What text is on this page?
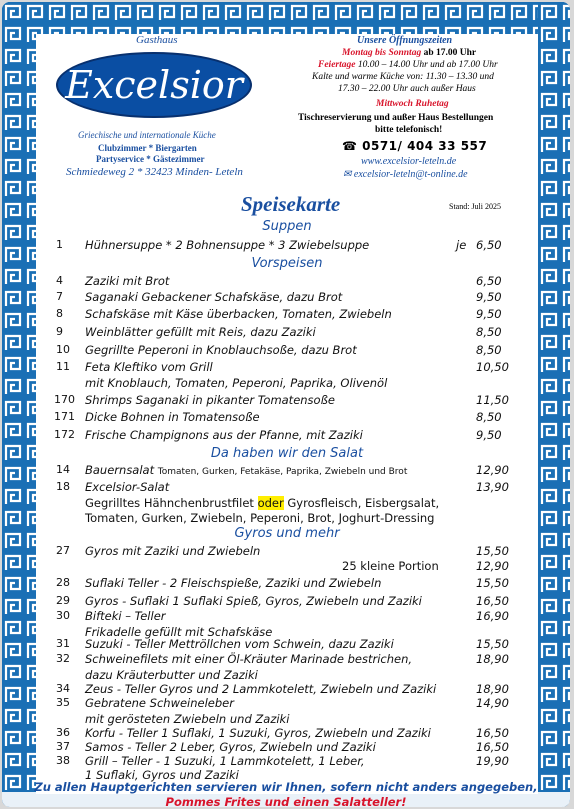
Gasthaus
Excelsior
Griechische und internationale Küche
Clubzimmer * Biergarten
Partyservice * Gästezimmer
Schmiedeweg 2 * 32423 Minden- Leteln
Unsere Öffnungszeiten
Montag bis Sonntag ab 17.00 Uhr
Feiertage 10.00 – 14.00 Uhr und ab 17.00 Uhr
Kalte und warme Küche von: 11.30 – 13.30 und
17.30 – 22.00 Uhr auch außer Haus
Mittwoch Ruhetag
Tischreservierung und außer Haus Bestellungen
bitte telefonisch!
☎ 0571/ 404 33 557
www.excelsior-leteln.de
✉ excelsior-leteln@t-online.de
Speisekarte	Stand: Juli 2025
Suppen
1 Hühnersuppe * 2 Bohnensuppe * 3 Zwiebelsuppe	je 6,50
Vorspeisen
4 Zaziki mit Brot	6,50
7 Saganaki Gebackener Schafskäse, dazu Brot	9,50
8 Schafskäse mit Käse überbacken, Tomaten, Zwiebeln	9,50
9 Weinblätter gefüllt mit Reis, dazu Zaziki	8,50
10 Gegrillte Peperoni in Knoblauchsoße, dazu Brot	8,50
11 Feta Kleftiko vom Grill	10,50
mit Knoblauch, Tomaten, Peperoni, Paprika, Olivenöl
170 Shrimps Saganaki in pikanter Tomatensoße	11,50
171 Dicke Bohnen in Tomatensoße	8,50
172 Frische Champignons aus der Pfanne, mit Zaziki	9,50
Da haben wir den Salat
14 Bauernsalat Tomaten, Gurken, Fetakäse, Paprika, Zwiebeln und Brot	12,90
18 Excelsior-Salat	13,90
Gegrilltes Hähnchenbrustfilet oder Gyrosfleisch, Eisbergsalat,
Tomaten, Gurken, Zwiebeln, Peperoni, Brot, Joghurt-Dressing
Gyros und mehr
27 Gyros mit Zaziki und Zwiebeln	15,50
25 kleine Portion	12,90
28 Suflaki Teller - 2 Fleischspieße, Zaziki und Zwiebeln	15,50
29 Gyros - Suflaki 1 Suflaki Spieß, Gyros, Zwiebeln und Zaziki	16,50
30 Bifteki – Teller	16,90
Frikadelle gefüllt mit Schafskäse
31 Suzuki - Teller Mettröllchen vom Schwein, dazu Zaziki	15,50
32 Schweinefilets mit einer Öl-Kräuter Marinade bestrichen,	18,90
dazu Kräuterbutter und Zaziki
34 Zeus - Teller Gyros und 2 Lammkotelett, Zwiebeln und Zaziki	18,90
35 Gebratene Schweineleber	14,90
mit gerösteten Zwiebeln und Zaziki
36 Korfu - Teller 1 Suflaki, 1 Suzuki, Gyros, Zwiebeln und Zaziki	16,50
37 Samos - Teller 2 Leber, Gyros, Zwiebeln und Zaziki	16,50
38 Grill – Teller - 1 Suzuki, 1 Lammkotelett, 1 Leber,	19,90
1 Suflaki, Gyros und Zaziki
Zu allen Hauptgerichten servieren wir Ihnen, sofern nicht anders angegeben,
Pommes Frites und einen Salatteller!
